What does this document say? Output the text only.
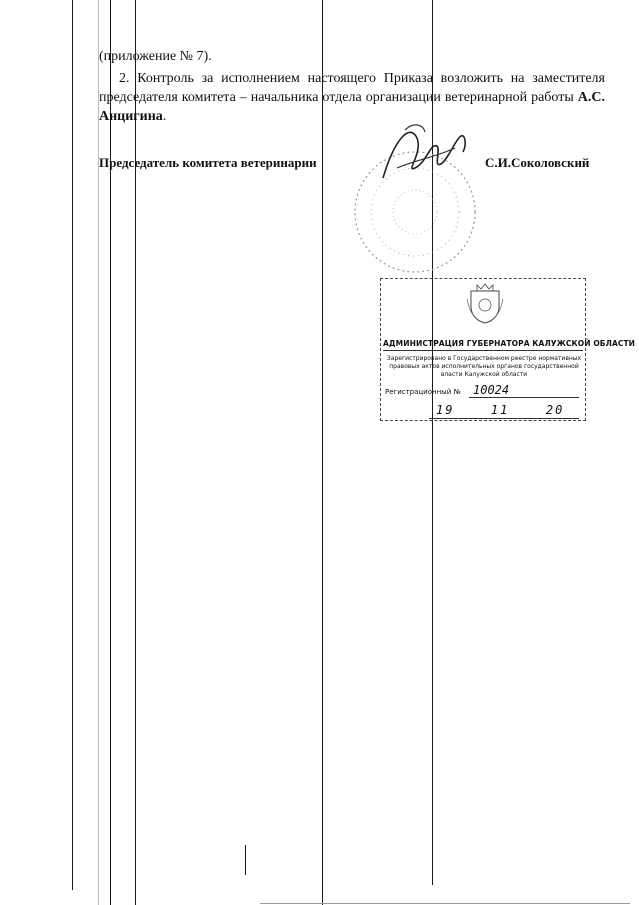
(приложение № 7).
2. Контроль за исполнением настоящего Приказа возложить на заместителя председателя комитета – начальника отдела организации ветеринарной работы А.С. Анцигина.
Председатель комитета ветеринарии	С.И.Соколовский
АДМИНИСТРАЦИЯ ГУБЕРНАТОРА КАЛУЖСКОЙ ОБЛАСТИ
Зарегистрировано в Государственном реестре нормативных правовых актов исполнительных органов государственной власти Калужской области
Регистрационный № 10024
19	11	20
